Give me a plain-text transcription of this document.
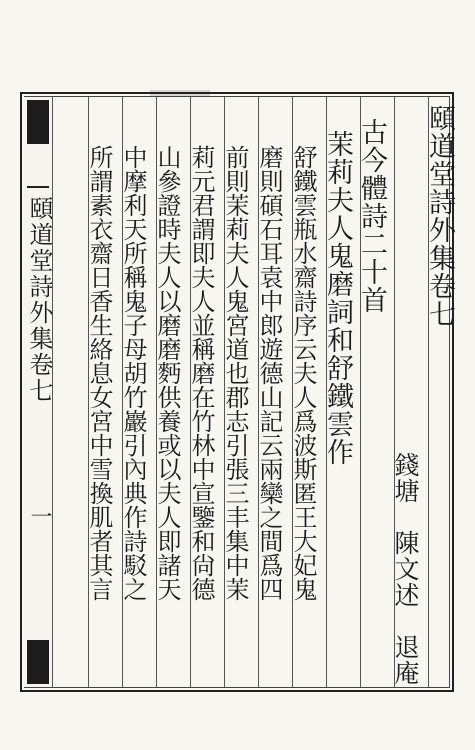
頤道堂詩外集卷七
一
頤道堂詩外集卷七
錢塘　陳文述　退庵
古今體詩二十首
茉莉夫人鬼磨詞和舒鐵雲作
舒鐵雲瓶水齋詩序云夫人爲波斯匿王大妃鬼
磨則碩石耳袁中郎遊德山記云兩欒之間爲四
前則茉莉夫人鬼宮道也郡志引張三丰集中茉
莉元君謂即夫人並稱磨在竹林中宣鑒和尙德
山參證時夫人以磨磨麪供養或以夫人即諸天
中摩利天所稱鬼子母胡竹巖引內典作詩駁之
所謂素衣齋日香生絡息女宮中雪換肌者其言
